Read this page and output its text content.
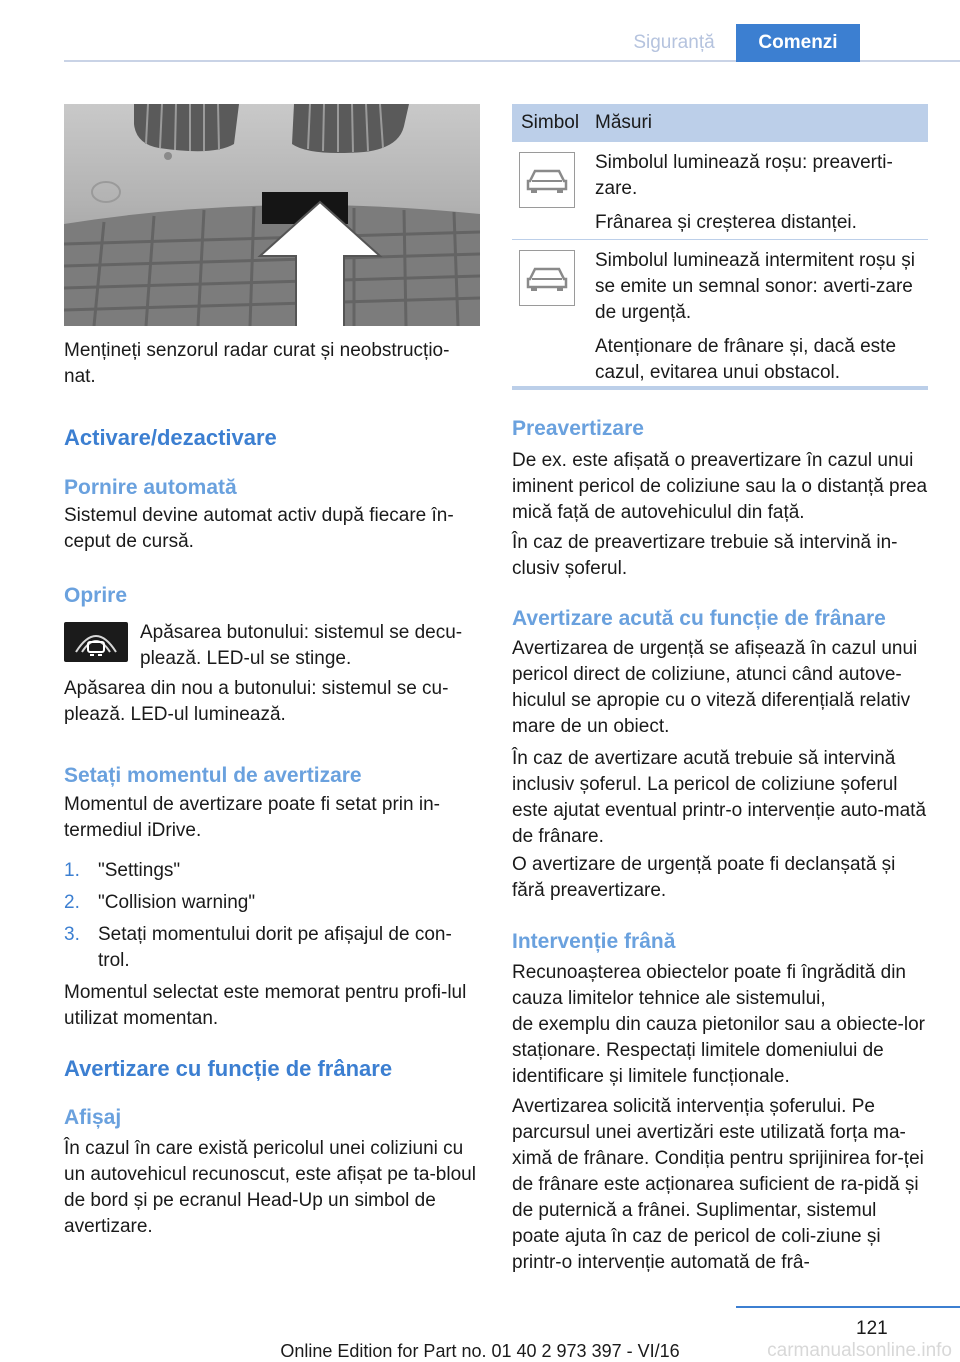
Siguranță	Comenzi

Mențineți senzorul radar curat și neobstrucțio-nat.

Activare/dezactivare
Pornire automată

Sistemul devine automat activ după fiecare în-ceput de cursă.

Oprire

Apăsarea butonului: sistemul se decu-plează. LED-ul se stinge.

Apăsarea din nou a butonului: sistemul se cu-plează. LED-ul luminează.

Setați momentul de avertizare

Momentul de avertizare poate fi setat prin in-termediul iDrive.

1. "Settings"
2. "Collision warning"
3. Setați momentului dorit pe afișajul de con-trol.

Momentul selectat este memorat pentru profi-lul utilizat momentan.

Avertizare cu funcție de frânare
Afișaj

În cazul în care există pericolul unei coliziuni cu un autovehicul recunoscut, este afișat pe ta-bloul de bord și pe ecranul Head-Up un simbol de avertizare.

Simbol Măsuri

Simbolul luminează roșu: preaverti-zare.

Frânarea și creșterea distanței.

Simbolul luminează intermitent roșu și se emite un semnal sonor: averti-zare de urgență.

Atenționare de frânare și, dacă este cazul, evitarea unui obstacol.

Preavertizare

De ex. este afișată o preavertizare în cazul unui iminent pericol de coliziune sau la o distanță prea mică față de autovehiculul din față.

În caz de preavertizare trebuie să intervină in-clusiv șoferul.

Avertizare acută cu funcție de frânare

Avertizarea de urgență se afișează în cazul unui pericol direct de coliziune, atunci când autove-hiculul se apropie cu o viteză diferențială relativ mare de un obiect.

În caz de avertizare acută trebuie să intervină inclusiv șoferul. La pericol de coliziune șoferul este ajutat eventual printr-o intervenție auto-mată de frânare.

O avertizare de urgență poate fi declanșată și fără preavertizare.

Intervenție frână

Recunoașterea obiectelor poate fi îngrădită din cauza limitelor tehnice ale sistemului,

de exemplu din cauza pietonilor sau a obiecte-lor staționare. Respectați limitele domeniului de identificare și limitele funcționale.

Avertizarea solicită intervenția șoferului. Pe parcursul unei avertizări este utilizată forța ma-ximă de frânare. Condiția pentru sprijinirea for-ței de frânare este acționarea suficient de ra-pidă și de puternică a frânei. Suplimentar, sistemul poate ajuta în caz de pericol de coli-ziune și printr-o intervenție automată de frâ-

121
Online Edition for Part no. 01 40 2 973 397 - VI/16	carmanualsonline.info
